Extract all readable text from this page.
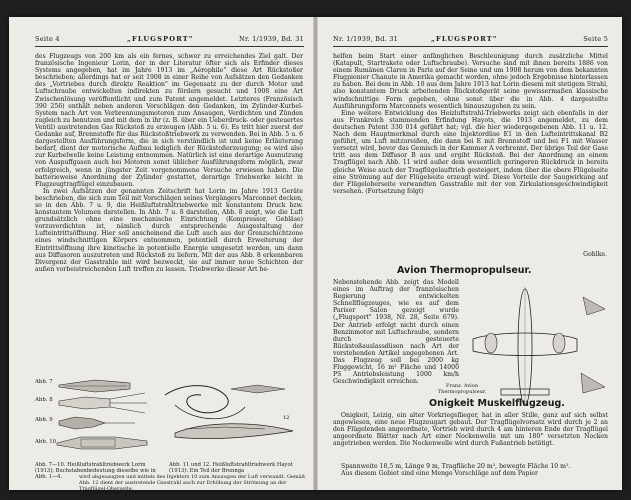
Seite 4	„FLUGSPORT"	Nr. 1/1939, Bd. 31

des Flugzeugs von 200 km als ein fernes, schwer zu erreichendes Ziel galt. Der französische Ingenieur Lorin, der in der Literatur öfter sich als Erfinder dieses Systems angegeben, hat im Jahre 1913 im „Aérophile" diese Art Rückstoßer beschrieben; allerdings hat er seit 1908 in einer Reihe von Aufsätzen den Gedanken des „Vortriebes durch direkte Reaktion" im Gegensatz zu der durch Motor und Luftschraube entwickelten indirekten zu fördern gesucht und 1908 eine Art Zwischenlösung veröffentlicht und zum Patent angemeldet. Letzteres (Französisch 390 256) enthält neben anderen Vorschlägen den Gedanken, im Zylinder-Kurbel-System nach Art von Verbrennungsmotoren zum Ansaugen, Verdichten und Zünden zugleich zu benutzen und mit dem in ihr (z. B. über ein Ueberdruck- oder gesteuertes Ventil) austretenden Gas Rückstoß zu erzeugen (Abb. 5 u. 6). Es tritt hier zuerst der Gedanke auf, Brennstoffe für das Rückstoßtriebwerk zu verwenden. Bei in Abb. 5 u. 6 dargestellten Ausführungsform, die in sich verständlich ist und keine Erläuterung bedarf, dient der motorische Aufbau lediglich der Rückstoßerzeugung; es wird also zur Kurbelwelle keine Leistung entnommen. Natürlich ist eine derartige Ausnutzung von Auspuffgasen auch bei Motoren sonst üblicher Ausführungsform möglich, zwar erfolgreich, wenn in jüngster Zeit vorgenommene Versuche erwiesen haben. Die batterieweise Anordnung der Zylinder gestattet, derartige Triebwerke leicht in Flugzeugtragflügel einzubauen.

In zwei Aufsätzen der genannten Zeitschrift hat Lorin im Jahre 1913 Geräte beschrieben, die sich zum Teil mit Vorschlägen seines Vorgängers Marconnet decken, so in den Abb. 7 u. 9, die Heißluftstrahltriebwerke mit konstantem Druck bzw. konstantem Volumen darstellen. In Abb. 7 u. 8 darstellen, Abb. 8 zeigt, wie die Luft grundsätzlich ohne eine mechanische Einrichtung (Kompressor, Gebläse) vorzuverdichten ist, nämlich durch entsprechende Ausgestaltung der Lufteintrittsöffnung. Hier soll anscheinend die Luft auch aus der Grenzschichtzone eines windschnittigen Körpers entnommen, potentiell durch Erweiterung der Eintrittsöffnung ihre kinetische in potentielle Energie umgesetzt werden, um dann aus Diffusoren auszutreten und Rückstoß zu liefern. Mit der aus Abb. 8 erkennbaren Divergenz der Gasstrahle mit wird bezweckt, sie auf immer neue Schichten der außen vorbeistreichenden Luft treffen zu lassen. Triebwerke dieser Art be-

Abb. 7
Abb. 8
Abb. 9
Abb. 10
12
Abb. 7—10. Heißluftstrahltriebwerk Lorin (1913); Buchstabenbedeutung dieselbe wie in Abb. 1—4.
Abb. 11 und 12. Heißluftstrahltriebwerk Hayot (1913): Ein Teil der Brennga
wird abgesaugten und mittels des Injektors 10 zum Ansaugen der Luft verwandt. Gemäß Abb. 12 dient der austretende Gasstrahl auch zur Erhöhung der Strömung an der Tragflügel-Oberseite.
Nr. 1/1939, Bd. 31	„FLUGSPORT"	Seite 5

helfen beim Start einer anfänglichen Beschleunigung durch zusätzliche Mittel (Katapult, Startrakete oder Luftschraube). Versuche sind mit ihnen bereits 1886 von einem Rumänen Claren in Paris auf der Seine und um 1908 herum von dem bekannten Flugpionier Chanute in Amerika gemacht worden, ohne jedoch Ergebnisse hinterlassen zu haben. Bei dem in Abb. 10 aus dem Jahre 1913 hat Lorin diesem mit stetigem Strahl, also konstantem Druck arbeitenden Rückstoßgerät seine gewissermaßen klassische windschnittige Form gegeben, ohne sonst über die in Abb. 4 dargestellte Ausführungsform Marconnets wesentlich hinauszugehen zu sein.

Eine weitere Entwicklung des Heizluftstrahl-Triebwerks zeigt sich ebenfalls in der aus Frankreich stammenden Erfindung Hayots, die 1913 angemeldet, zu dem deutschen Patent 330 014 geführt hat; vgl. die hier wiedergegebenen Abb. 11 u. 12. Nach dem Hauptmerkmal durch eine Injektordüse E1 in den Lufteintrittskanal B2 geführt, um Luft mitzureißen, die dann bei E mit Brennstoff und bei F1 mit Wasser versetzt wird, bevor das Gemisch in der Kammer A verbrennt. Der übrige Teil der Gase tritt aus dem Diffusor B aus und ergibt Rückstoß. Bei der Anordnung an einem Tragflügel nach Abb. 11 wird außer dem wesentlich geringeren Rückdruck in bereits gleiche Weise auch der Tragflügelauftrieb gesteigert, indem über die obere Flügelseite eine Strömung auf der Flügelseite erzeugt wird. Diese Vorteile der Saugwirkung auf der Flügeloberseite verwandten Gasstrahle mit der von Zirkulationsgeschwindigkeit versehen. (Fortsetzung folgt)

Gohlke.
Avion Thermopropulseur.
Nebenstehende Abb. zeigt das Modell eines im Auftrag der französischen Regierung entwickelten Schnellflugzeuges, wie es auf dem Pariser Salon gezeigt wurde („Flugsport" 1938, Nr. 28, Seite 679). Der Antrieb erfolgt nicht durch einen Benzinmotor mit Luftschraube, sondern durch gesteuerte Rückstoßauslassdüsen nach Art der vorstehenden Artikel angegebenen Art. Das Flugzeug soll bei 2000 kg Fluggewicht, 16 m² Fläche und 14000 PS Antriebsleistung 1000 km/h Geschwindigkeit erreichen.
Franz. Avion
Thermopropulseur.
Onigkeit Muskelflugzeug.

Onigkeit, Leizig, ein alter Vorkriegsflieger, hat in aller Stille, ganz auf sich selbst angewiesen, eine neue Flugzeugart gebaut. Der Tragflügelvorsatz wird durch je 2 an den Flügelenden angeordnete, Vortrieb wird durch 4 am hinteren Ende der Tragflügel angeordnete Blätter nach Art einer Nockenwelle mit um 180° versetzten Nocken angetrieben werden. Die Nockenwelle wird durch Fußantrieb betätigt.

Spannweite 18,5 m, Länge 9 m, Tragfläche 20 m², bewegte Fläche 10 m².

Aus diesem Gebiet sind eine Menge Vorschläge auf dem Papier
